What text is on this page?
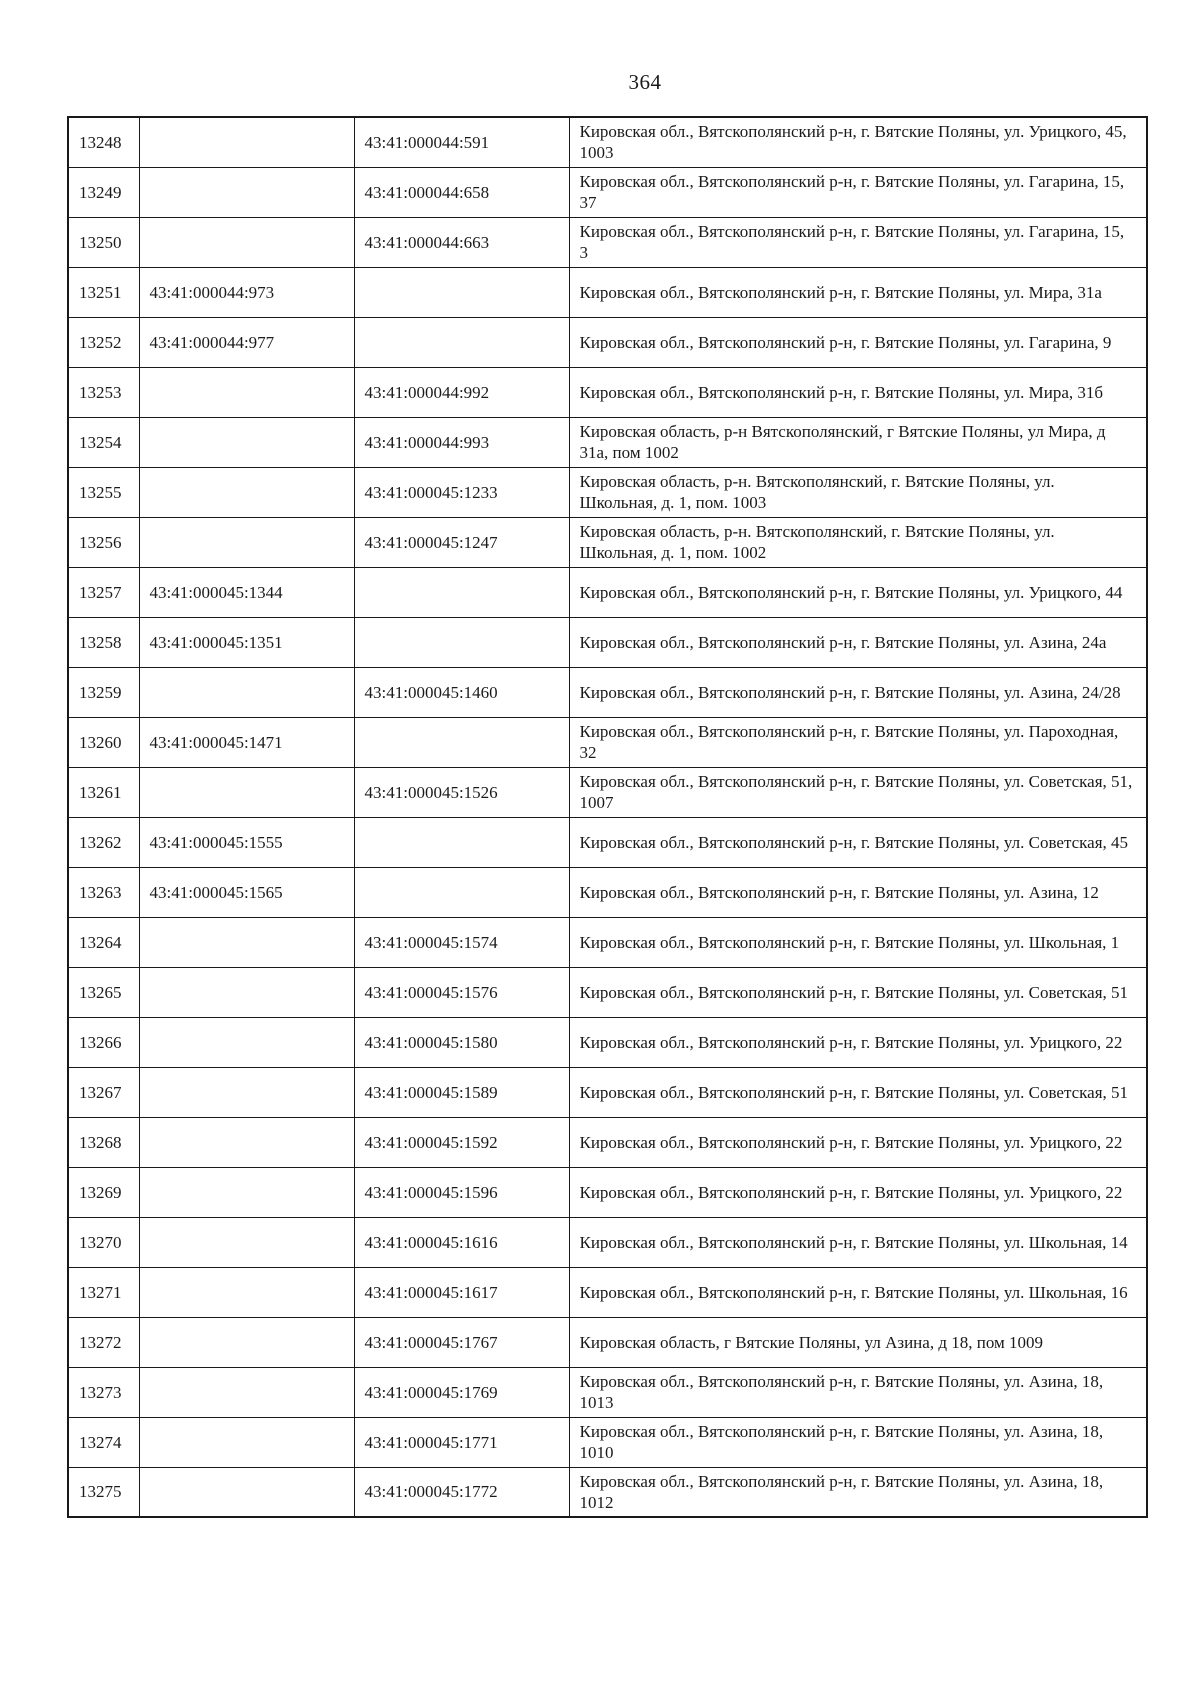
364
13248		43:41:000044:591	Кировская обл., Вятскополянский р-н, г. Вятские Поляны, ул. Урицкого, 45, 1003
13249		43:41:000044:658	Кировская обл., Вятскополянский р-н, г. Вятские Поляны, ул. Гагарина, 15, 37
13250		43:41:000044:663	Кировская обл., Вятскополянский р-н, г. Вятские Поляны, ул. Гагарина, 15, 3
13251	43:41:000044:973		Кировская обл., Вятскополянский р-н, г. Вятские Поляны, ул. Мира, 31а
13252	43:41:000044:977		Кировская обл., Вятскополянский р-н, г. Вятские Поляны, ул. Гагарина, 9
13253		43:41:000044:992	Кировская обл., Вятскополянский р-н, г. Вятские Поляны, ул. Мира, 31б
13254		43:41:000044:993	Кировская область, р-н Вятскополянский, г Вятские Поляны, ул Мира, д 31а, пом 1002
13255		43:41:000045:1233	Кировская область, р-н. Вятскополянский, г. Вятские Поляны, ул. Школьная, д. 1, пом. 1003
13256		43:41:000045:1247	Кировская область, р-н. Вятскополянский, г. Вятские Поляны, ул. Школьная, д. 1, пом. 1002
13257	43:41:000045:1344		Кировская обл., Вятскополянский р-н, г. Вятские Поляны, ул. Урицкого, 44
13258	43:41:000045:1351		Кировская обл., Вятскополянский р-н, г. Вятские Поляны, ул. Азина, 24а
13259		43:41:000045:1460	Кировская обл., Вятскополянский р-н, г. Вятские Поляны, ул. Азина, 24/28
13260	43:41:000045:1471		Кировская обл., Вятскополянский р-н, г. Вятские Поляны, ул. Пароходная, 32
13261		43:41:000045:1526	Кировская обл., Вятскополянский р-н, г. Вятские Поляны, ул. Советская, 51, 1007
13262	43:41:000045:1555		Кировская обл., Вятскополянский р-н, г. Вятские Поляны, ул. Советская, 45
13263	43:41:000045:1565		Кировская обл., Вятскополянский р-н, г. Вятские Поляны, ул. Азина, 12
13264		43:41:000045:1574	Кировская обл., Вятскополянский р-н, г. Вятские Поляны, ул. Школьная, 1
13265		43:41:000045:1576	Кировская обл., Вятскополянский р-н, г. Вятские Поляны, ул. Советская, 51
13266		43:41:000045:1580	Кировская обл., Вятскополянский р-н, г. Вятские Поляны, ул. Урицкого, 22
13267		43:41:000045:1589	Кировская обл., Вятскополянский р-н, г. Вятские Поляны, ул. Советская, 51
13268		43:41:000045:1592	Кировская обл., Вятскополянский р-н, г. Вятские Поляны, ул. Урицкого, 22
13269		43:41:000045:1596	Кировская обл., Вятскополянский р-н, г. Вятские Поляны, ул. Урицкого, 22
13270		43:41:000045:1616	Кировская обл., Вятскополянский р-н, г. Вятские Поляны, ул. Школьная, 14
13271		43:41:000045:1617	Кировская обл., Вятскополянский р-н, г. Вятские Поляны, ул. Школьная, 16
13272		43:41:000045:1767	Кировская область, г Вятские Поляны, ул Азина, д 18, пом 1009
13273		43:41:000045:1769	Кировская обл., Вятскополянский р-н, г. Вятские Поляны, ул. Азина, 18, 1013
13274		43:41:000045:1771	Кировская обл., Вятскополянский р-н, г. Вятские Поляны, ул. Азина, 18, 1010
13275		43:41:000045:1772	Кировская обл., Вятскополянский р-н, г. Вятские Поляны, ул. Азина, 18, 1012
